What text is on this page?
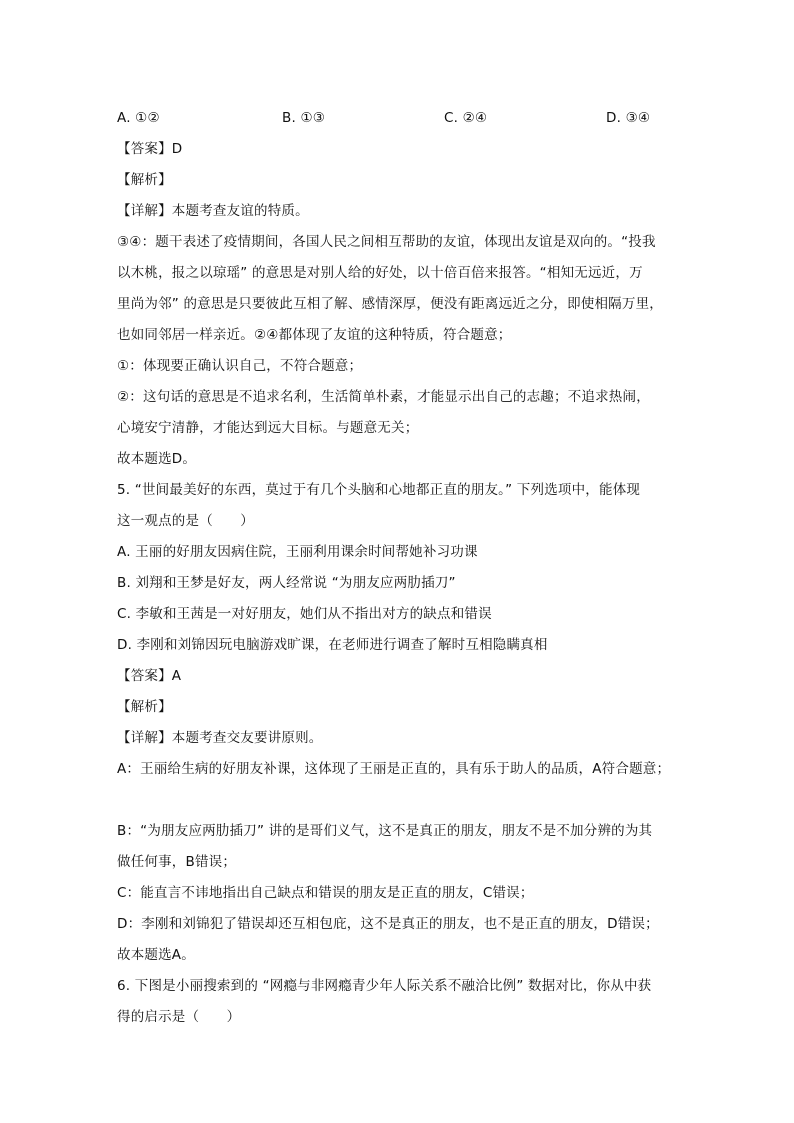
A. ①②	B. ①③	C. ②④	D. ③④
【答案】D
【解析】
【详解】本题考查友谊的特质。
③④：题干表述了疫情期间，各国人民之间相互帮助的友谊，体现出友谊是双向的。“投我
以木桃，报之以琼瑶” 的意思是对别人给的好处，以十倍百倍来报答。“相知无远近，万
里尚为邻” 的意思是只要彼此互相了解、感情深厚，便没有距离远近之分，即使相隔万里，
也如同邻居一样亲近。②④都体现了友谊的这种特质，符合题意；
①：体现要正确认识自己，不符合题意；
②：这句话的意思是不追求名利，生活简单朴素，才能显示出自己的志趣；不追求热闹，
心境安宁清静，才能达到远大目标。与题意无关；
故本题选D。
5. “世间最美好的东西，莫过于有几个头脑和心地都正直的朋友。” 下列选项中，能体现
这一观点的是（　　）
A. 王丽的好朋友因病住院，王丽利用课余时间帮她补习功课
B. 刘翔和王梦是好友，两人经常说 “为朋友应两肋插刀”
C. 李敏和王茜是一对好朋友，她们从不指出对方的缺点和错误
D. 李刚和刘锦因玩电脑游戏旷课，在老师进行调查了解时互相隐瞒真相
【答案】A
【解析】
【详解】本题考查交友要讲原则。
A：王丽给生病的好朋友补课，这体现了王丽是正直的，具有乐于助人的品质，A符合题意；
B：“为朋友应两肋插刀” 讲的是哥们义气，这不是真正的朋友，朋友不是不加分辨的为其
做任何事，B错误；
C：能直言不讳地指出自己缺点和错误的朋友是正直的朋友，C错误；
D：李刚和刘锦犯了错误却还互相包庇，这不是真正的朋友，也不是正直的朋友，D错误；
故本题选A。
6. 下图是小丽搜索到的 “网瘾与非网瘾青少年人际关系不融洽比例” 数据对比，你从中获
得的启示是（　　）
